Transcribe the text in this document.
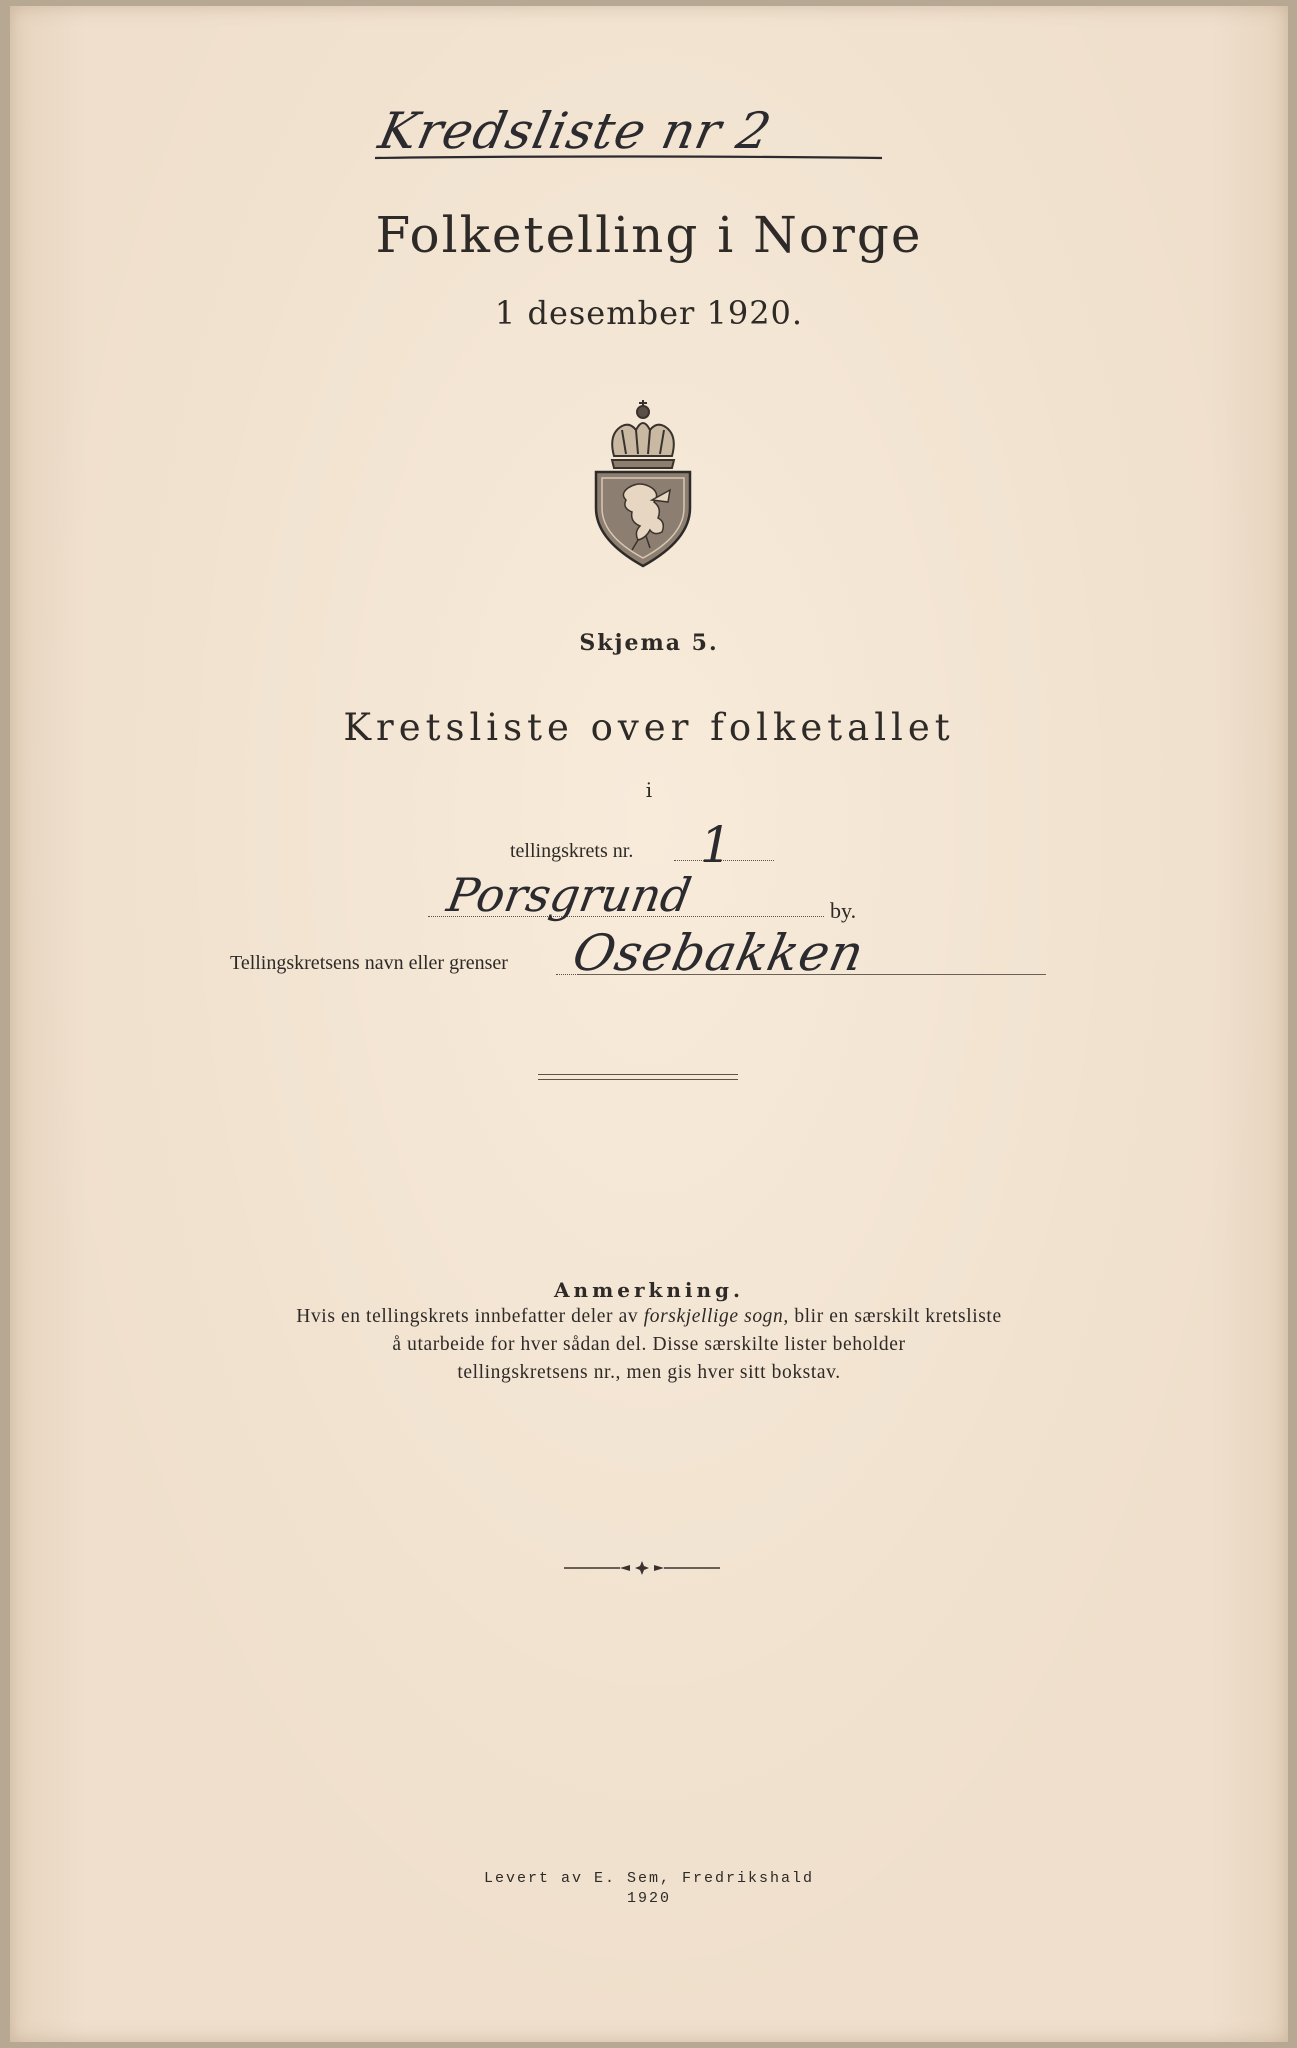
Kredsliste nr 2
Folketelling i Norge
1 desember 1920.
Skjema 5.
Kretsliste over folketallet
i
tellingskrets nr. 1
Porsgrund	by.
Tellingskretsens navn eller grenser Osebakken
Anmerkning.
Hvis en tellingskrets innbefatter deler av forskjellige sogn, blir en særskilt kretsliste
å utarbeide for hver sådan del. Disse særskilte lister beholder
tellingskretsens nr., men gis hver sitt bokstav.
Levert av E. Sem, Fredrikshald
1920
